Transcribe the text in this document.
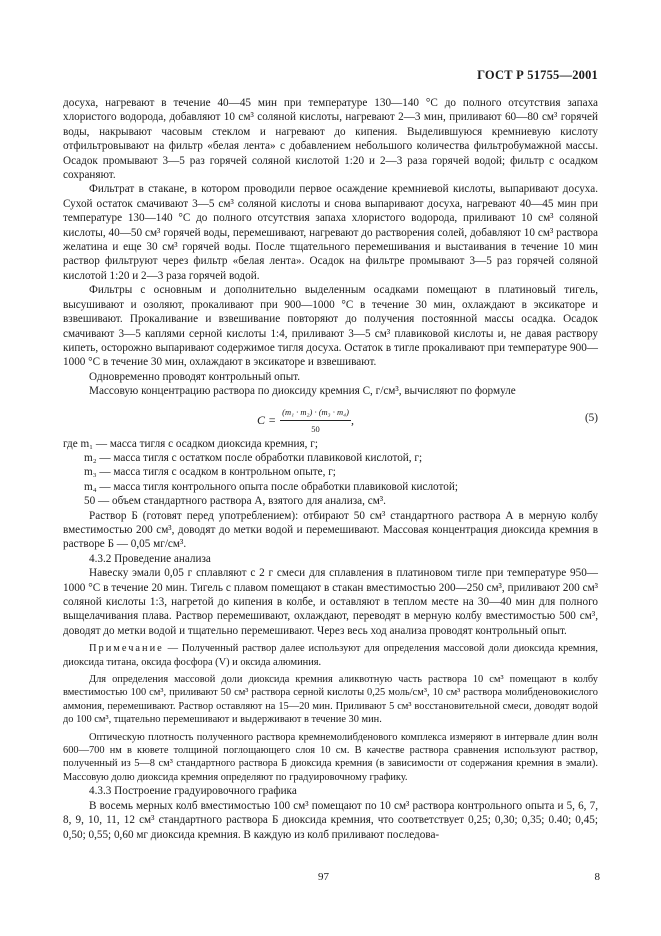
ГОСТ Р 51755—2001

досуха, нагревают в течение 40—45 мин при температуре 130—140 °С до полного отсутствия запаха хлористого водорода, добавляют 10 см³ соляной кислоты, нагревают 2—3 мин, приливают 60—80 см³ горячей воды, накрывают часовым стеклом и нагревают до кипения. Выделившуюся кремниевую кислоту отфильтровывают на фильтр «белая лента» с добавлением небольшого количества фильтробумажной массы. Осадок промывают 3—5 раз горячей соляной кислотой 1:20 и 2—3 раза горячей водой; фильтр с осадком сохраняют.

Фильтрат в стакане, в котором проводили первое осаждение кремниевой кислоты, выпаривают досуха. Сухой остаток смачивают 3—5 см³ соляной кислоты и снова выпаривают досуха, нагревают 40—45 мин при температуре 130—140 °С до полного отсутствия запаха хлористого водорода, приливают 10 см³ соляной кислоты, 40—50 см³ горячей воды, перемешивают, нагревают до растворения солей, добавляют 10 см³ раствора желатина и еще 30 см³ горячей воды. После тщательного перемешивания и выстаивания в течение 10 мин раствор фильтруют через фильтр «белая лента». Осадок на фильтре промывают 3—5 раз горячей соляной кислотой 1:20 и 2—3 раза горячей водой.

Фильтры с основным и дополнительно выделенным осадками помещают в платиновый тигель, высушивают и озоляют, прокаливают при 900—1000 °С в течение 30 мин, охлаждают в эксикаторе и взвешивают. Прокаливание и взвешивание повторяют до получения постоянной массы осадка. Осадок смачивают 3—5 каплями серной кислоты 1:4, приливают 3—5 см³ плавиковой кислоты и, не давая раствору кипеть, осторожно выпаривают содержимое тигля досуха. Остаток в тигле прокаливают при температуре 900—1000 °С в течение 30 мин, охлаждают в эксикаторе и взвешивают.

Одновременно проводят контрольный опыт.

Массовую концентрацию раствора по диоксиду кремния С, г/см³, вычисляют по формуле

$С = \frac{\text{(m₁ · m₂) · (m₃ · m₄)}}{50}$ ,	(5)

где m₁ — масса тигля с осадком диоксида кремния, г;

m₂ — масса тигля с остатком после обработки плавиковой кислотой, г;

m₃ — масса тигля с осадком в контрольном опыте, г;

m₄ — масса тигля контрольного опыта после обработки плавиковой кислотой;

50 — объем стандартного раствора А, взятого для анализа, см³.

Раствор Б (готовят перед употреблением): отбирают 50 см³ стандартного раствора А в мерную колбу вместимостью 200 см³, доводят до метки водой и перемешивают. Массовая концентрация диоксида кремния в растворе Б — 0,05 мг/см³.

4.3.2 Проведение анализа

Навеску эмали 0,05 г сплавляют с 2 г смеси для сплавления в платиновом тигле при температуре 950—1000 °С в течение 20 мин. Тигель с плавом помещают в стакан вместимостью 200—250 см³, приливают 200 см³ соляной кислоты 1:3, нагретой до кипения в колбе, и оставляют в теплом месте на 30—40 мин для полного выщелачивания плава. Раствор перемешивают, охлаждают, переводят в мерную колбу вместимостью 500 см³, доводят до метки водой и тщательно перемешивают. Через весь ход анализа проводят контрольный опыт.

Примечание — Полученный раствор далее используют для определения массовой доли диоксида кремния, диоксида титана, оксида фосфора (V) и оксида алюминия.

Для определения массовой доли диоксида кремния аликвотную часть раствора 10 см³ помещают в колбу вместимостью 100 см³, приливают 50 см³ раствора серной кислоты 0,25 моль/см³, 10 см³ раствора молибденовокислого аммония, перемешивают. Раствор оставляют на 15—20 мин. Приливают 5 см³ восстановительной смеси, доводят водой до 100 см³, тщательно перемешивают и выдерживают в течение 30 мин.

Оптическую плотность полученного раствора кремнемолибденового комплекса измеряют в интервале длин волн 600—700 нм в кювете толщиной поглощающего слоя 10 см. В качестве раствора сравнения используют раствор, полученный из 5—8 см³ стандартного раствора Б диоксида кремния (в зависимости от содержания кремния в эмали). Массовую долю диоксида кремния определяют по градуировочному графику.

4.3.3 Построение градуировочного графика

В восемь мерных колб вместимостью 100 см³ помещают по 10 см³ раствора контрольного опыта и 5, 6, 7, 8, 9, 10, 11, 12 см³ стандартного раствора Б диоксида кремния, что соответствует 0,25; 0,30; 0,35; 0.40; 0,45; 0,50; 0,55; 0,60 мг диоксида кремния. В каждую из колб приливают последова-

97	8
